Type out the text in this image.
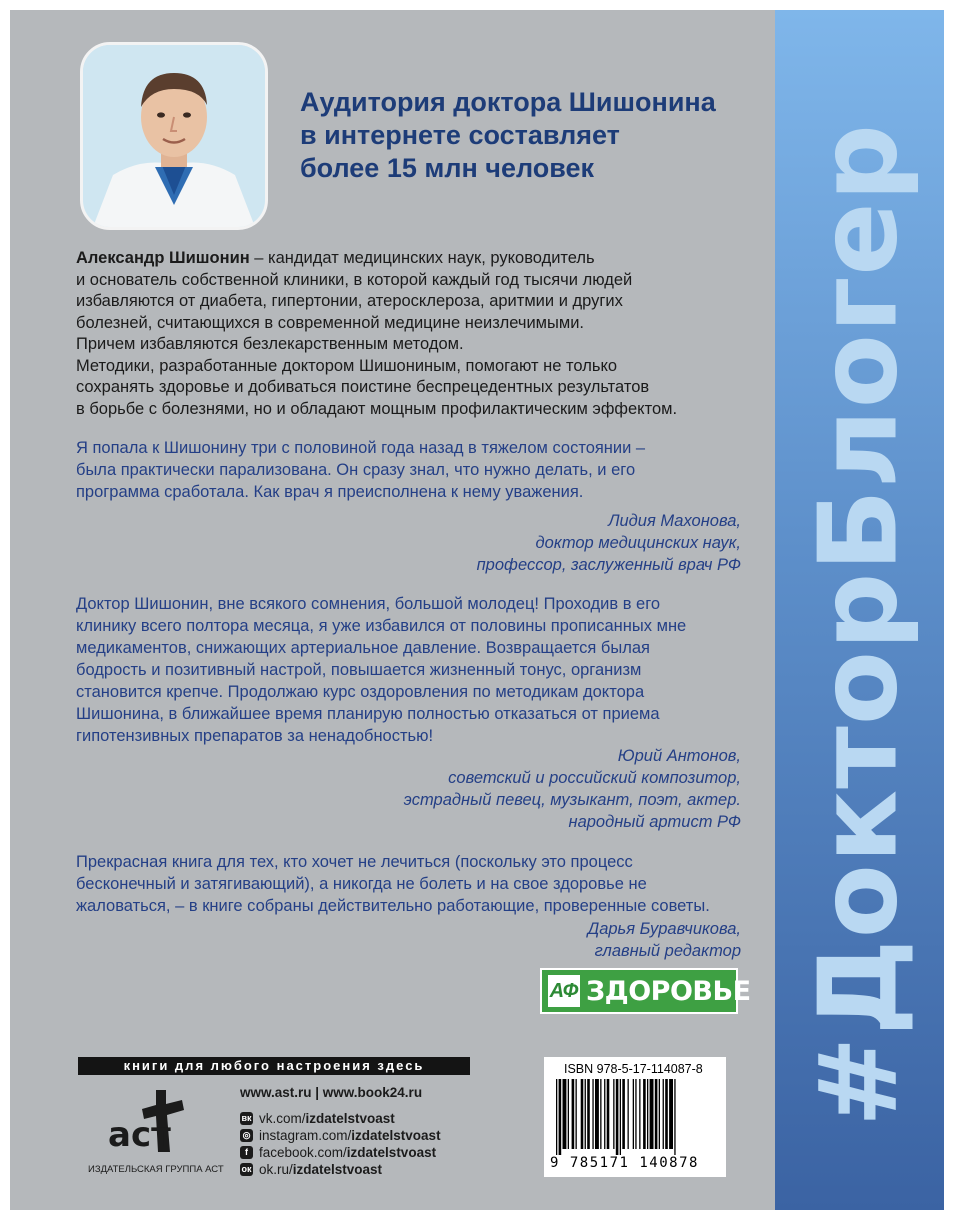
#ДокторБлогер
Аудитория доктора Шишонина
в интернете составляет
более 15 млн человек
Александр Шишонин – кандидат медицинских наук, руководитель
и основатель собственной клиники, в которой каждый год тысячи людей
избавляются от диабета, гипертонии, атеросклероза, аритмии и других
болезней, считающихся в современной медицине неизлечимыми.
Причем избавляются безлекарственным методом.
Методики, разработанные доктором Шишониным, помогают не только
сохранять здоровье и добиваться поистине беспрецедентных результатов
в борьбе с болезнями, но и обладают мощным профилактическим эффектом.
Я попала к Шишонину три с половиной года назад в тяжелом состоянии –
была практически парализована. Он сразу знал, что нужно делать, и его
программа сработала. Как врач я преисполнена к нему уважения.
Лидия Махонова,
доктор медицинских наук,
профессор, заслуженный врач РФ
Доктор Шишонин, вне всякого сомнения, большой молодец! Проходив в его
клинику всего полтора месяца, я уже избавился от половины прописанных мне
медикаментов, снижающих артериальное давление. Возвращается былая
бодрость и позитивный настрой, повышается жизненный тонус, организм
становится крепче. Продолжаю курс оздоровления по методикам доктора
Шишонина, в ближайшее время планирую полностью отказаться от приема
гипотензивных препаратов за ненадобностью!
Юрий Антонов,
советский и российский композитор,
эстрадный певец, музыкант, поэт, актер.
народный артист РФ
Прекрасная книга для тех, кто хочет не лечиться (поскольку это процесс
бесконечный и затягивающий), а никогда не болеть и на свое здоровье не
жаловаться, – в книге собраны действительно работающие, проверенные советы.
Дарья Буравчикова,
главный редактор
АФ ЗДОРОВЬЕ
книги для любого настроения здесь
аст
ИЗДАТЕЛЬСКАЯ ГРУППА АСТ
www.ast.ru | www.book24.ru
вк vk.com/ izdatelstvoast
◎ instagram.com/ izdatelstvoast
f facebook.com/ izdatelstvoast
ок ok.ru/ izdatelstvoast
ISBN 978-5-17-114087-8
9 785171 140878
